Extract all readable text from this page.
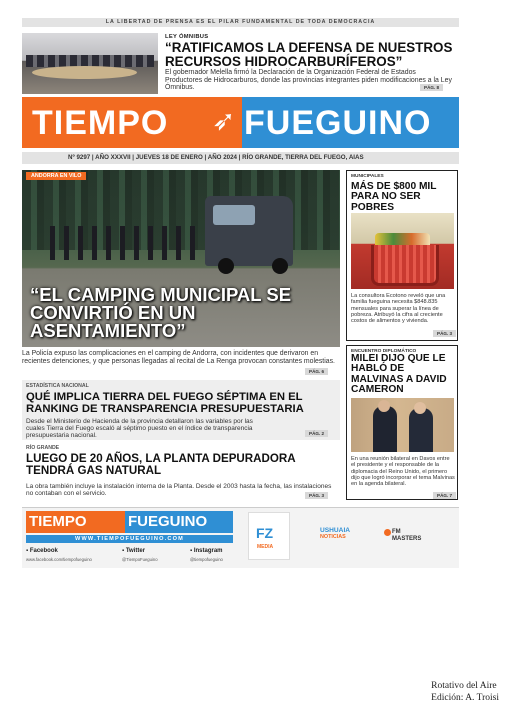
LA LIBERTAD DE PRENSA ES EL PILAR FUNDAMENTAL DE TODA DEMOCRACIA
LEY ÓMNIBUS
“RATIFICAMOS LA DEFENSA DE NUESTROS RECURSOS HIDROCARBURÍFEROS”
El gobernador Melella firmó la Declaración de la Organización Federal de Estados Productores de Hidrocarburos, donde las provincias integrantes piden modificaciones a la Ley Ómnibus.	PÁG. 8
TIEMPO ➶ FUEGUINO
Nº 9297 | AÑO XXXVII | JUEVES 18 DE ENERO | AÑO 2024 | RÍO GRANDE, TIERRA DEL FUEGO, AIAS
ANDORRA EN VILO
“EL CAMPING MUNICIPAL SE CONVIRTIÓ EN UN ASENTAMIENTO”
La Policía expuso las complicaciones en el camping de Andorra, con incidentes que derivaron en recientes detenciones, y que personas llegadas al recital de La Renga provocan constantes molestias.
PÁG. 6
MUNICIPALES
MÁS DE $800 MIL PARA NO SER POBRES
La consultora Ecotono reveló que una familia fueguina necesita $848.835 mensuales para superar la línea de pobreza. Atribuyó la cifra al creciente costos de alimentos y vivienda.
PÁG. 3
ENCUENTRO DIPLOMÁTICO
MILEI DIJO QUE LE HABLÓ DE MALVINAS A DAVID CAMERON
En una reunión bilateral en Davos entre el presidente y el responsable de la diplomacia del Reino Unido, el primero dijo que logró incorporar el tema Malvinas en la agenda bilateral.
PÁG. 7
ESTADÍSTICA NACIONAL
QUÉ IMPLICA TIERRA DEL FUEGO SÉPTIMA EN EL RANKING DE TRANSPARENCIA PRESUPUESTARIA
Desde el Ministerio de Hacienda de la provincia detallaron las variables por las cuales Tierra del Fuego escaló al séptimo puesto en el índice de transparencia presupuestaria nacional.	PÁG. 2
RÍO GRANDE
LUEGO DE 20 AÑOS, LA PLANTA DEPURADORA TENDRÁ GAS NATURAL
La obra también incluye la instalación interna de la Planta. Desde el 2003 hasta la fecha, las instalaciones no contaban con el servicio.	PÁG. 3
TIEMPO	FUEGUINO
WWW.TIEMPOFUEGUINO.COM
▪ Facebook
www.facebook.com/tiempofueguino
▪ Twitter
@TiempoFueguino
▪ Instagram
@tiempofueguino
FZ
MEDIA
USHUAIA
NOTICIAS
FM
MASTERS
Rotativo del Aire
Edición: A. Troisi
